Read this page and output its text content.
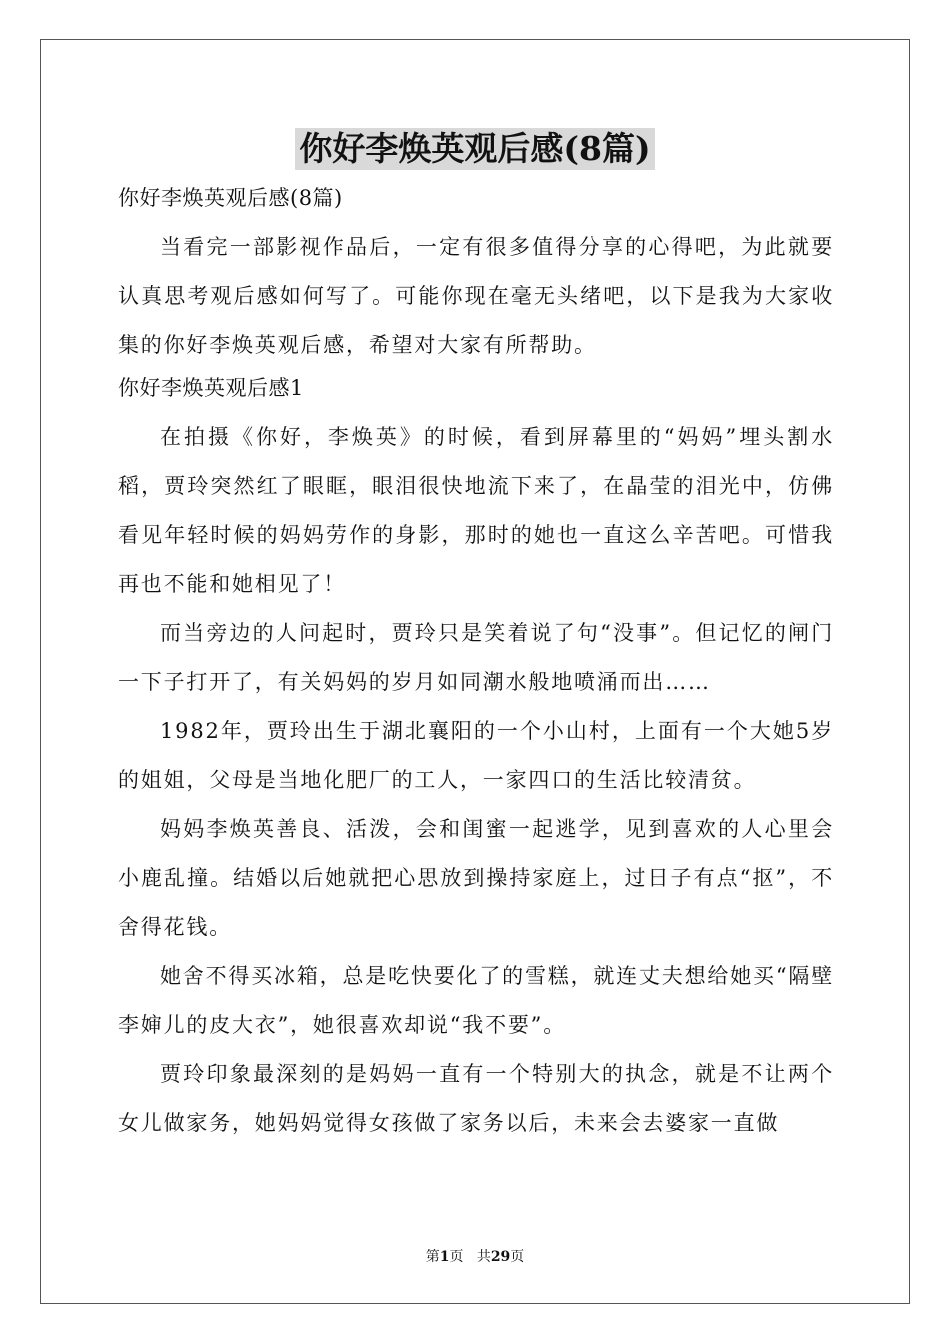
你好李焕英观后感(8篇)

你好李焕英观后感(8篇)

当看完一部影视作品后，一定有很多值得分享的心得吧，为此就要认真思考观后感如何写了。可能你现在毫无头绪吧，以下是我为大家收集的你好李焕英观后感，希望对大家有所帮助。

你好李焕英观后感1

在拍摄《你好，李焕英》的时候，看到屏幕里的“妈妈”埋头割水稻，贾玲突然红了眼眶，眼泪很快地流下来了，在晶莹的泪光中，仿佛看见年轻时候的妈妈劳作的身影，那时的她也一直这么辛苦吧。可惜我再也不能和她相见了！

而当旁边的人问起时，贾玲只是笑着说了句“没事”。但记忆的闸门一下子打开了，有关妈妈的岁月如同潮水般地喷涌而出……

1982年，贾玲出生于湖北襄阳的一个小山村，上面有一个大她5岁的姐姐，父母是当地化肥厂的工人，一家四口的生活比较清贫。

妈妈李焕英善良、活泼，会和闺蜜一起逃学，见到喜欢的人心里会小鹿乱撞。结婚以后她就把心思放到操持家庭上，过日子有点“抠”，不舍得花钱。

她舍不得买冰箱，总是吃快要化了的雪糕，就连丈夫想给她买“隔壁李婶儿的皮大衣”，她很喜欢却说“我不要”。

贾玲印象最深刻的是妈妈一直有一个特别大的执念，就是不让两个女儿做家务，她妈妈觉得女孩做了家务以后，未来会去婆家一直做

第1页 共29页
